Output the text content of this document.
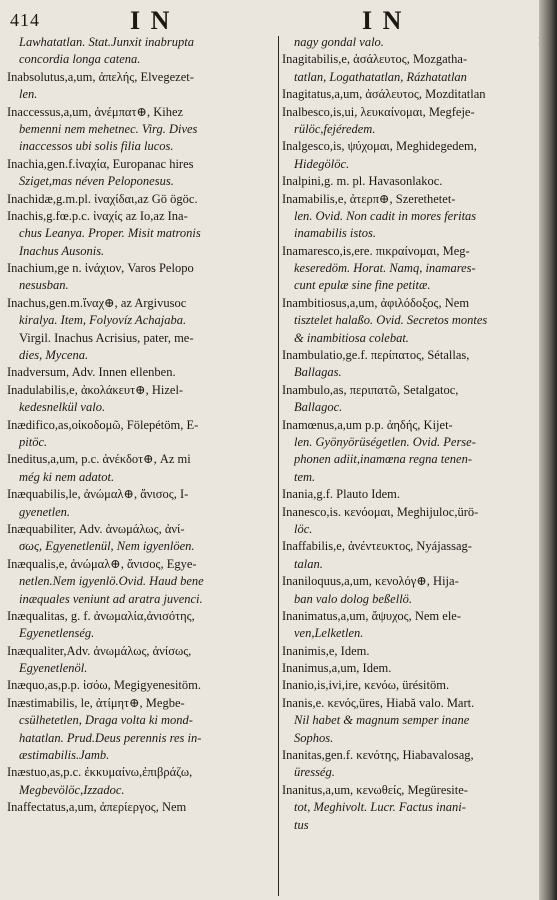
414	I N	I N
Lawhatatlan. Stat.Junxit inabrupta
concordia longa catena.
Inabsolutus,a,um, ἀπελής, Elvegezet-
len.
Inaccessus,a,um, ἀνέμπατ⊕, Kihez
bemenni nem mehetnec. Virg. Dives
inaccessos ubi solis filia lucos.
Inachia,gen.f.ἰναχία, Europanac hires
Sziget,mas néven Peloponesus.
Inachidæ,g.m.pl. ἰναχίδαι,az Gö ögöc.
Inachis,g.fœ.p.c. ἰναχίς az Io,az Ina-
chus Leanya. Proper. Misit matronis
Inachus Ausonis.
Inachium,ge n. ἰνάχιον, Varos Pelopo
nesusban.
Inachus,gen.m.ἴναχ⊕, az Argivusoc
kiralya. Item, Folyovíz Achajaba.
Virgil. Inachus Acrisius, pater, me-
dies, Mycena.
Inadversum, Adv. Innen ellenben.
Inadulabilis,e, ἀκολάκευτ⊕, Hizel-
kedesnelkül valo.
Inædifico,as,οἰκοδομῶ, Fölepétöm, E-
pitöc.
Ineditus,a,um, p.c. ἀνέκδοτ⊕, Az mi
még ki nem adatot.
Inæquabilis,le, ἀνώμαλ⊕, ἄνισος, I-
gyenetlen.
Inæquabiliter, Adv. ἀνωμάλως, ἀνί-
σως, Egyenetlenül, Nem igyenlöen.
Inæqualis,e, ἀνώμαλ⊕, ἄνισος, Egye-
netlen.Nem igyenlö.Ovid. Haud bene
inæquales veniunt ad aratra juvenci.
Inæqualitas, g. f. ἀνωμαλία,ἀνισότης,
Egyenetlenség.
Inæqualiter,Adv. ἀνωμάλως, ἀνίσως,
Egyenetlenöl.
Inæquo,as,p.p. ἰσόω, Megigyenesitöm.
Inæstimabilis, le, ἀτίμητ⊕, Megbe-
csülhetetlen, Draga volta ki mond-
hatatlan. Prud.Deus perennis res in-
æstimabilis.Jamb.
Inæstuo,as,p.c. ἐκκυμαίνω,ἐπιβράζω,
Megbevölöc,Izzadoc.
Inaffectatus,a,um, ἀπερίεργος, Nem
nagy gondal valo.
Inagitabilis,e, ἀσάλευτος, Mozgatha-
tatlan, Logathatatlan, Rázhatatlan
Inagitatus,a,um, ἀσάλευτος, Mozditatlan
Inalbesco,is,ui, λευκαίνομαι, Megfeje-
rülöc,fejéredem.
Inalgesco,is, ψύχομαι, Meghidegedem,
Hidegölöc.
Inalpini,g. m. pl. Havasonlakoc.
Inamabilis,e, ἀτερπ⊕, Szerethetet-
len. Ovid. Non cadit in mores feritas
inamabilis istos.
Inamaresco,is,ere. πικραίνομαι, Meg-
keseredöm. Horat. Namq, inamares-
cunt epulæ sine fine petitæ.
Inambitiosus,a,um, ἀφιλόδοξος, Nem
tisztelet halaßo. Ovid. Secretos montes
& inambitiosa colebat.
Inambulatio,ge.f. περίπατος, Sétallas,
Ballagas.
Inambulo,as, περιπατῶ, Setalgatoc,
Ballagoc.
Inamœnus,a,um p.p. ἀηδής, Kijet-
len. Gyönyörüségetlen. Ovid. Perse-
phonen adiit,inamœna regna tenen-
tem.
Inania,g.f. Plauto Idem.
Inanesco,is. κενόομαι, Meghijuloc,ürö-
löc.
Inaffabilis,e, ἀνέντευκτος, Nyájassag-
talan.
Inaniloquus,a,um, κενολόγ⊕, Hija-
ban valo dolog beßellö.
Inanimatus,a,um, ἄψυχος, Nem ele-
ven,Lelketlen.
Inanimis,e, Idem.
Inanimus,a,um, Idem.
Inanio,is,ivi,ire, κενόω, ürésitöm.
Inanis,e. κενός,üres, Hiabă valo. Mart.
Nil habet & magnum semper inane
Sophos.
Inanitas,gen.f. κενότης, Hiabavalosag,
üresség.
Inanitus,a,um, κενωθείς, Megüresite-
tot, Meghivolt. Lucr. Factus inani-
tus
